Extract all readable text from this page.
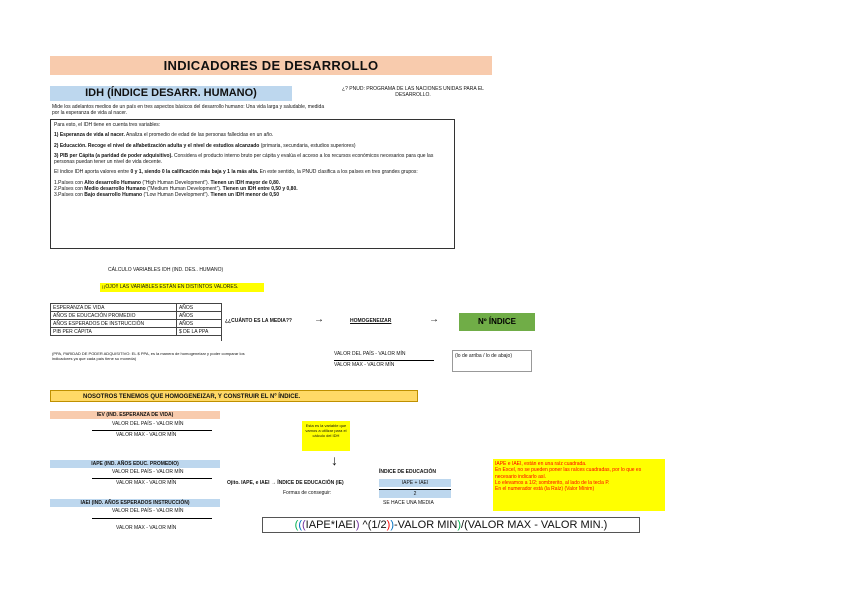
INDICADORES DE DESARROLLO
IDH (ÍNDICE DESARR. HUMANO)	¿? PNUD: PROGRAMA DE LAS NACIONES UNIDAS PARA EL DESARROLLO.
Mide los adelantos medios de un país en tres aspectos básicos del desarrollo humano: Una vida larga y saludable, medida por la esperanza de vida al nacer.

Para esto, el IDH tiene en cuenta tres variables:

1) Esperanza de vida al nacer. Analiza el promedio de edad de las personas fallecidas en un año.

2) Educación. Recoge el nivel de alfabetización adulta y el nivel de estudios alcanzado (primaria, secundaria, estudios superiores)

3) PIB per Cápita (a paridad de poder adquisitivo). Considera el producto interno bruto per cápita y evalúa el acceso a los recursos económicos necesarios para que las personas puedan tener un nivel de vida decente.

El índice IDH aporta valores entre 0 y 1, siendo 0 la calificación más baja y 1 la más alta. En este sentido, la PNUD clasifica a los países en tres grandes grupos:

1.Países con Alto desarrollo Humano (“High Human Development”). Tienen un IDH mayor de 0,80.
2.Países con Medio desarrollo Humano (“Medium Human Development”). Tienen un IDH entre 0,50 y 0,80.
3.Países con Bajo desarrollo Humano (“Low Human Development”). Tienen un IDH menor de 0,50
CÁLCULO VARIABLES IDH (IND. DES.. HUMANO)
¡¡OJO!! LAS VARIABLES ESTÁN EN DISTINTOS VALORES.
ESPERANZA DE VIDA	AÑOS
AÑOS DE EDUCACIÓN PROMEDIO	AÑOS
AÑOS ESPERADOS DE INSTRUCCIÓN	AÑOS
PIB PER CÁPITA	$ DE LA PPA
¿¿CUÁNTO ES LA MEDIA?? →	HOMOGENEIZAR	→	Nº ÍNDICE
(PPA, PARIDAD DE PODER ADQUISITIVO: EL $ PPA, es la manera de homogeneizar y poder comparar los indicadores ya que cada país tiene su moneda)
VALOR DEL PAÍS - VALOR MÍN
VALOR MAX - VALOR MÍN
(lo de arriba / lo de abajo)
NOSOTROS TENEMOS QUE HOMOGENEIZAR, Y CONSTRUIR EL Nº ÍNDICE.
IEV (IND. ESPERANZA DE VIDA)
VALOR DEL PAÍS - VALOR MÍN
VALOR MAX - VALOR MÍN
Esta es la variable que vamos a utilizar para el cálculo del IDH
↓
IAPE (IND. AÑOS EDUC. PROMEDIO)
VALOR DEL PAÍS - VALOR MÍN
VALOR MAX - VALOR MÍN	Ojito. IAPE, e IAEI → ÍNDICE DE EDUCACIÓN (IE)
Formas de conseguir:
ÍNDICE DE EDUCACIÓN
IAPE + IAEI
2
SE HACE UNA MEDIA
IAPE e IAEI, están en una raíz cuadrada.
En Excel, no se pueden poner las raíces cuadradas, por lo que es necesario indicarlo así.
Lo elevamos a 1/2; sombrerito, al lado de la tecla P.
En el numerador está (la Raíz) (Valor Mínim)
IAEI (IND. AÑOS ESPERADOS INSTRUCCIÓN)
VALOR DEL PAÍS - VALOR MÍN
VALOR MAX - VALOR MÍN	(((IAPE*IAEI) ^(1/2))-VALOR MIN)/(VALOR MAX - VALOR MIN.)
